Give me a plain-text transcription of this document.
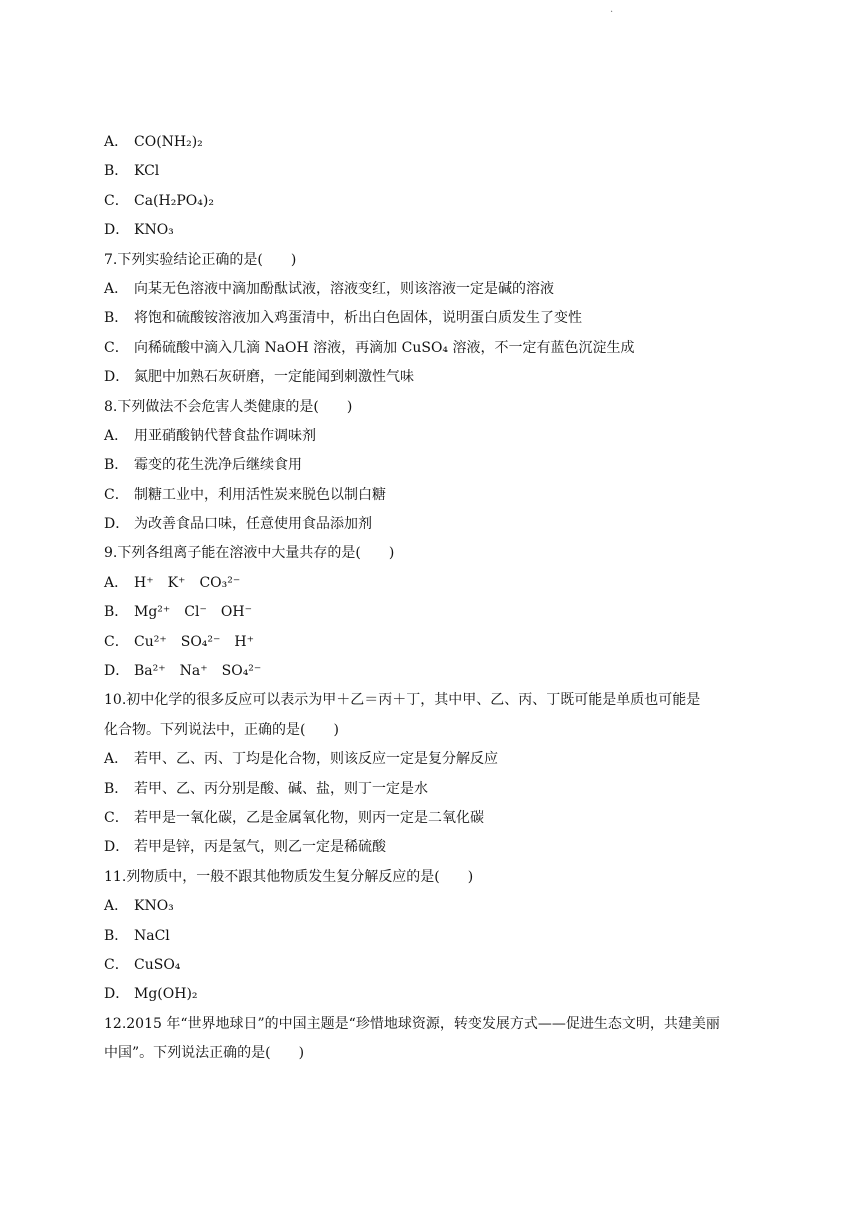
.
A． CO(NH₂)₂
B． KCl
C． Ca(H₂PO₄)₂
D． KNO₃
7.下列实验结论正确的是(　　)
A． 向某无色溶液中滴加酚酞试液，溶液变红，则该溶液一定是碱的溶液
B． 将饱和硫酸铵溶液加入鸡蛋清中，析出白色固体，说明蛋白质发生了变性
C． 向稀硫酸中滴入几滴 NaOH 溶液，再滴加 CuSO₄ 溶液，不一定有蓝色沉淀生成
D． 氮肥中加熟石灰研磨，一定能闻到刺激性气味
8.下列做法不会危害人类健康的是(　　)
A． 用亚硝酸钠代替食盐作调味剂
B． 霉变的花生洗净后继续食用
C． 制糖工业中，利用活性炭来脱色以制白糖
D． 为改善食品口味，任意使用食品添加剂
9.下列各组离子能在溶液中大量共存的是(　　)
A． H⁺　K⁺　CO₃²⁻
B． Mg²⁺　Cl⁻　OH⁻
C． Cu²⁺　SO₄²⁻　H⁺
D． Ba²⁺　Na⁺　SO₄²⁻
10.初中化学的很多反应可以表示为甲＋乙＝丙＋丁，其中甲、乙、丙、丁既可能是单质也可能是
化合物。下列说法中，正确的是(　　)
A． 若甲、乙、丙、丁均是化合物，则该反应一定是复分解反应
B． 若甲、乙、丙分别是酸、碱、盐，则丁一定是水
C． 若甲是一氧化碳，乙是金属氧化物，则丙一定是二氧化碳
D． 若甲是锌，丙是氢气，则乙一定是稀硫酸
11.列物质中，一般不跟其他物质发生复分解反应的是(　　)
A． KNO₃
B． NaCl
C． CuSO₄
D． Mg(OH)₂
12.2015 年“世界地球日”的中国主题是“珍惜地球资源，转变发展方式——促进生态文明，共建美丽
中国”。下列说法正确的是(　　)
